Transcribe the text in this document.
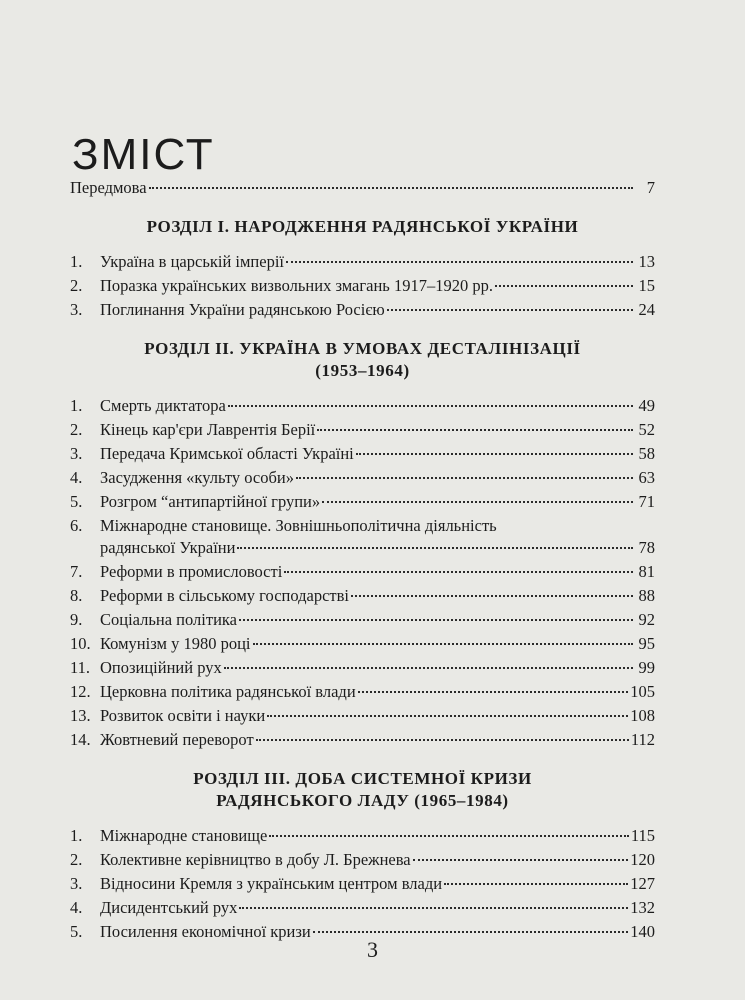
ЗМІСТ
Передмова	7
РОЗДІЛ І. НАРОДЖЕННЯ РАДЯНСЬКОЇ УКРАЇНИ
1.	Україна в царській імперії	13
2.	Поразка українських визвольних змагань 1917–1920 рр.	15
3.	Поглинання України радянською Росією	24
РОЗДІЛ ІІ. УКРАЇНА В УМОВАХ ДЕСТАЛІНІЗАЦІЇ
(1953–1964)
1.	Смерть диктатора	49
2.	Кінець кар'єри Лаврентія Берії	52
3.	Передача Кримської області Україні	58
4.	Засудження «культу особи»	63
5.	Розгром “антипартійної групи»	71
6.	Міжнародне становище. Зовнішньополітична діяльність
радянської України	78
7.	Реформи в промисловості	81
8.	Реформи в сільському господарстві	88
9.	Соціальна політика	92
10. Комунізм у 1980 році	95
11. Опозиційний рух	99
12. Церковна політика радянської влади	105
13. Розвиток освіти і науки	108
14. Жовтневий переворот	112
РОЗДІЛ ІІІ. ДОБА СИСТЕМНОЇ КРИЗИ
РАДЯНСЬКОГО ЛАДУ (1965–1984)
1.	Міжнародне становище	115
2.	Колективне керівництво в добу Л. Брежнева	120
3.	Відносини Кремля з українським центром влади	127
4.	Дисидентський рух	132
5.	Посилення економічної кризи	140
3
